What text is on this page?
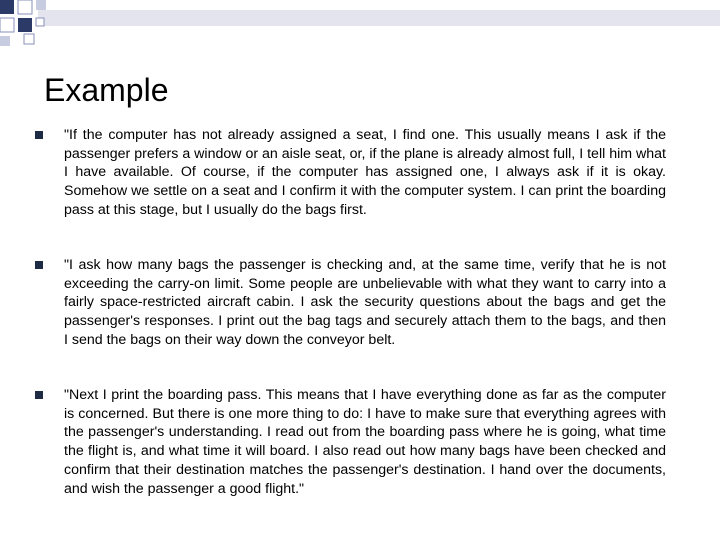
Example
"If the computer has not already assigned a seat, I find one. This usually means I ask if the passenger prefers a window or an aisle seat, or, if the plane is already almost full, I tell him what I have available. Of course, if the computer has assigned one, I always ask if it is okay. Somehow we settle on a seat and I confirm it with the computer system. I can print the boarding pass at this stage, but I usually do the bags first.
"I ask how many bags the passenger is checking and, at the same time, verify that he is not exceeding the carry-on limit. Some people are unbelievable with what they want to carry into a fairly space-restricted aircraft cabin. I ask the security questions about the bags and get the passenger's responses. I print out the bag tags and securely attach them to the bags, and then I send the bags on their way down the conveyor belt.
"Next I print the boarding pass. This means that I have everything done as far as the computer is concerned. But there is one more thing to do: I have to make sure that everything agrees with the passenger's understanding. I read out from the boarding pass where he is going, what time the flight is, and what time it will board. I also read out how many bags have been checked and confirm that their destination matches the passenger's destination. I hand over the documents, and wish the passenger a good flight."
